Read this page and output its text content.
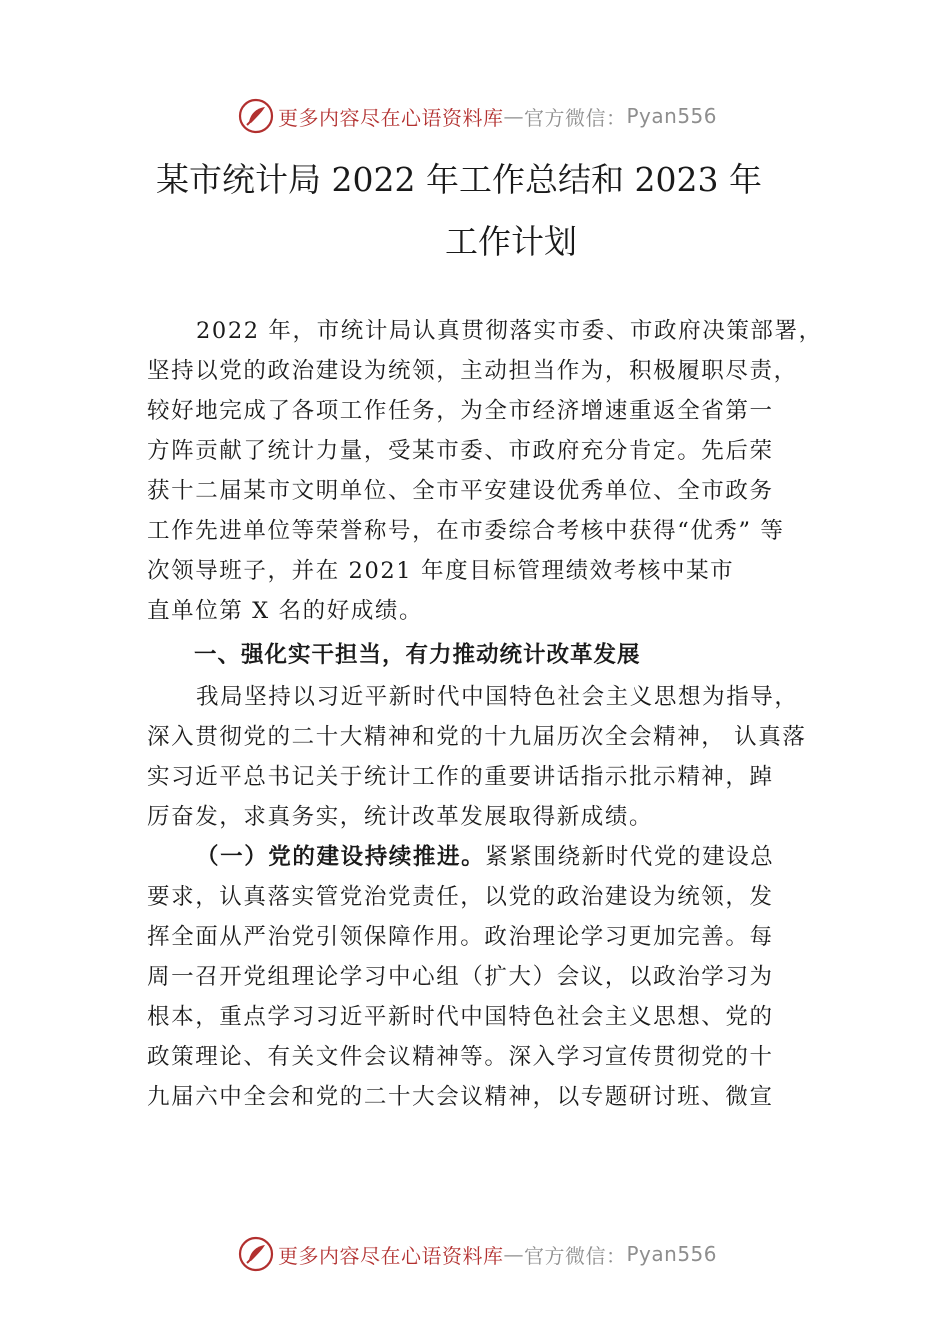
更多内容尽在心语资料库 — 官方微信： Pyan556
某市统计局 2022 年工作总结和 2023 年
工作计划
2022 年，市统计局认真贯彻落实市委、市政府决策部署，
坚持以党的政治建设为统领，主动担当作为，积极履职尽责，
较好地完成了各项工作任务，为全市经济增速重返全省第一
方阵贡献了统计力量，受某市委、市政府充分肯定。先后荣
获十二届某市文明单位、全市平安建设优秀单位、全市政务
工作先进单位等荣誉称号，在市委综合考核中获得“优秀” 等
次领导班子，并在 2021 年度目标管理绩效考核中某市
直单位第 X 名的好成绩。
一、强化实干担当，有力推动统计改革发展
我局坚持以习近平新时代中国特色社会主义思想为指导，
深入贯彻党的二十大精神和党的十九届历次全会精神， 认真落
实习近平总书记关于统计工作的重要讲话指示批示精神，踔
厉奋发，求真务实，统计改革发展取得新成绩。
（一）党的建设持续推进。紧紧围绕新时代党的建设总
要求，认真落实管党治党责任，以党的政治建设为统领，发
挥全面从严治党引领保障作用。政治理论学习更加完善。每
周一召开党组理论学习中心组（扩大）会议，以政治学习为
根本，重点学习习近平新时代中国特色社会主义思想、党的
政策理论、有关文件会议精神等。深入学习宣传贯彻党的十
九届六中全会和党的二十大会议精神，以专题研讨班、微宣
更多内容尽在心语资料库 — 官方微信： Pyan556
